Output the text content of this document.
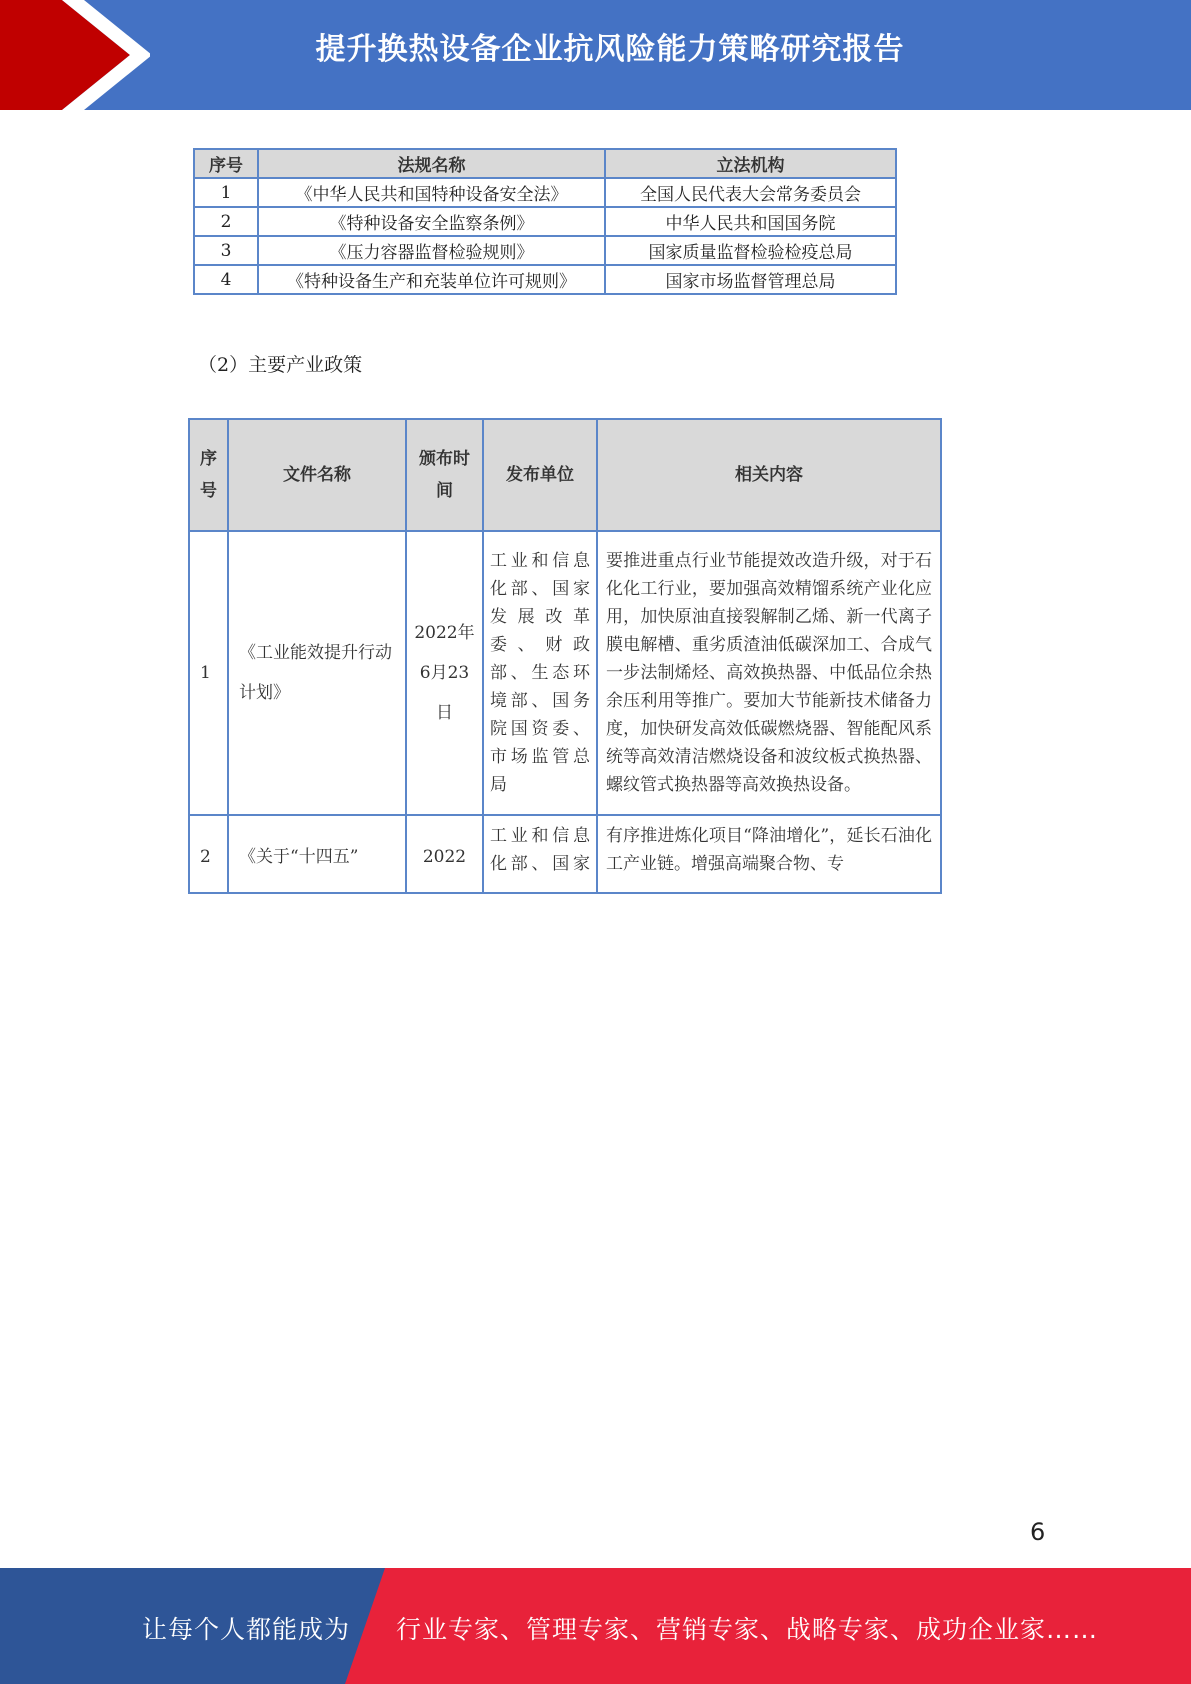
提升换热设备企业抗风险能力策略研究报告
序号	法规名称	立法机构
1	《中华人民共和国特种设备安全法》	全国人民代表大会常务委员会
2	《特种设备安全监察条例》	中华人民共和国国务院
3	《压力容器监督检验规则》	国家质量监督检验检疫总局
4	《特种设备生产和充装单位许可规则》	国家市场监督管理总局
（2）主要产业政策
序号	文件名称	颁布时间	发布单位	相关内容
1	《工业能效提升行动计划》	2022年6月23日	工业和信息化部、国家发展改革委、财政部、生态环境部、国务院国资委、市场监管总局	要推进重点行业节能提效改造升级，对于石化化工行业，要加强高效精馏系统产业化应用，加快原油直接裂解制乙烯、新一代离子膜电解槽、重劣质渣油低碳深加工、合成气一步法制烯烃、高效换热器、中低品位余热余压利用等推广。要加大节能新技术储备力度，加快研发高效低碳燃烧器、智能配风系统等高效清洁燃烧设备和波纹板式换热器、螺纹管式换热器等高效换热设备。
2	《关于“十四五”	2022	工业和信息化部、国家	有序推进炼化项目“降油增化”，延长石油化工产业链。增强高端聚合物、专
6
让每个人都能成为 行业专家、管理专家、营销专家、战略专家、成功企业家……
